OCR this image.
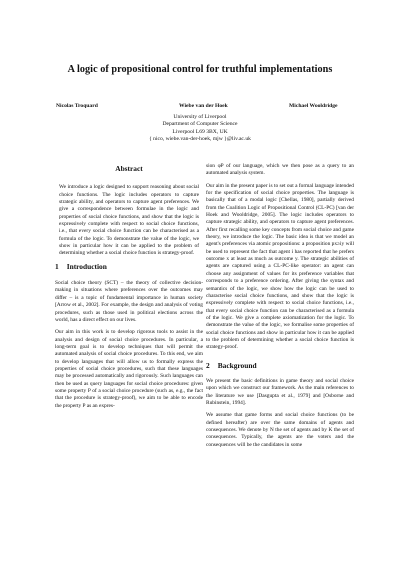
A logic of propositional control for truthful implementations
Nicolas Troquard	Wiebe van der Hoek	Michael Wooldridge
University of Liverpool
Department of Computer Science
Liverpool L69 3BX, UK
{ nico, wiebe.van-der-hoek, mjw }@liv.ac.uk
Abstract

We introduce a logic designed to support reasoning about social choice functions. The logic includes operators to capture strategic ability, and operators to capture agent preferences. We give a correspondence between formulae in the logic and properties of social choice functions, and show that the logic is expressively complete with respect to social choice functions, i.e., that every social choice function can be characterised as a formula of the logic. To demonstrate the value of the logic, we show in particular how it can be applied to the problem of determining whether a social choice function is strategy-proof.

1 Introduction

Social choice theory (SCT) – the theory of collective decision-making in situations where preferences over the outcomes may differ – is a topic of fundamental importance in human society [Arrow et al., 2002]. For example, the design and analysis of voting procedures, such as those used in political elections across the world, has a direct effect on our lives.

Our aim in this work is to develop rigorous tools to assist in the analysis and design of social choice procedures. In particular, a long-term goal is to develop techniques that will permit the automated analysis of social choice procedures. To this end, we aim to develop languages that will allow us to formally express the properties of social choice procedures, such that these languages may be processed automatically and rigorously. Such languages can then be used as query languages for social choice procedures: given some property P of a social choice procedure (such as, e.g., the fact that the procedure is strategy-proof), we aim to be able to encode the property P as an expres-

sion φP of our language, which we then pose as a query to an automated analysis system.

Our aim in the present paper is to set out a formal language intended for the specification of social choice properties. The language is basically that of a modal logic [Chellas, 1980], partially derived from the Coalition Logic of Propositional Control (CL-PC) [van der Hoek and Wooldridge, 2005]. The logic includes operators to capture strategic ability, and operators to capture agent preferences. After first recalling some key concepts from social choice and game theory, we introduce the logic. The basic idea is that we model an agent's preferences via atomic propositions: a proposition px≥iy will be used to represent the fact that agent i has reported that he prefers outcome x at least as much as outcome y. The strategic abilities of agents are captured using a CL-PC-like operator: an agent can choose any assignment of values for its preference variables that corresponds to a preference ordering. After giving the syntax and semantics of the logic, we show how the logic can be used to characterise social choice functions, and show that the logic is expressively complete with respect to social choice functions, i.e., that every social choice function can be characterised as a formula of the logic. We give a complete axiomatization for the logic. To demonstrate the value of the logic, we formalise some properties of social choice functions and show in particular how it can be applied to the problem of determining whether a social choice function is strategy-proof.

2 Background

We present the basic definitions in game theory and social choice upon which we construct our framework. As the main references to the literature we use [Dasgupta et al., 1979] and [Osborne and Rubinstein, 1994].

We assume that game forms and social choice functions (to be defined hereafter) are over the same domains of agents and consequences. We denote by N the set of agents and by K the set of consequences. Typically, the agents are the voters and the consequences will be the candidates in some
